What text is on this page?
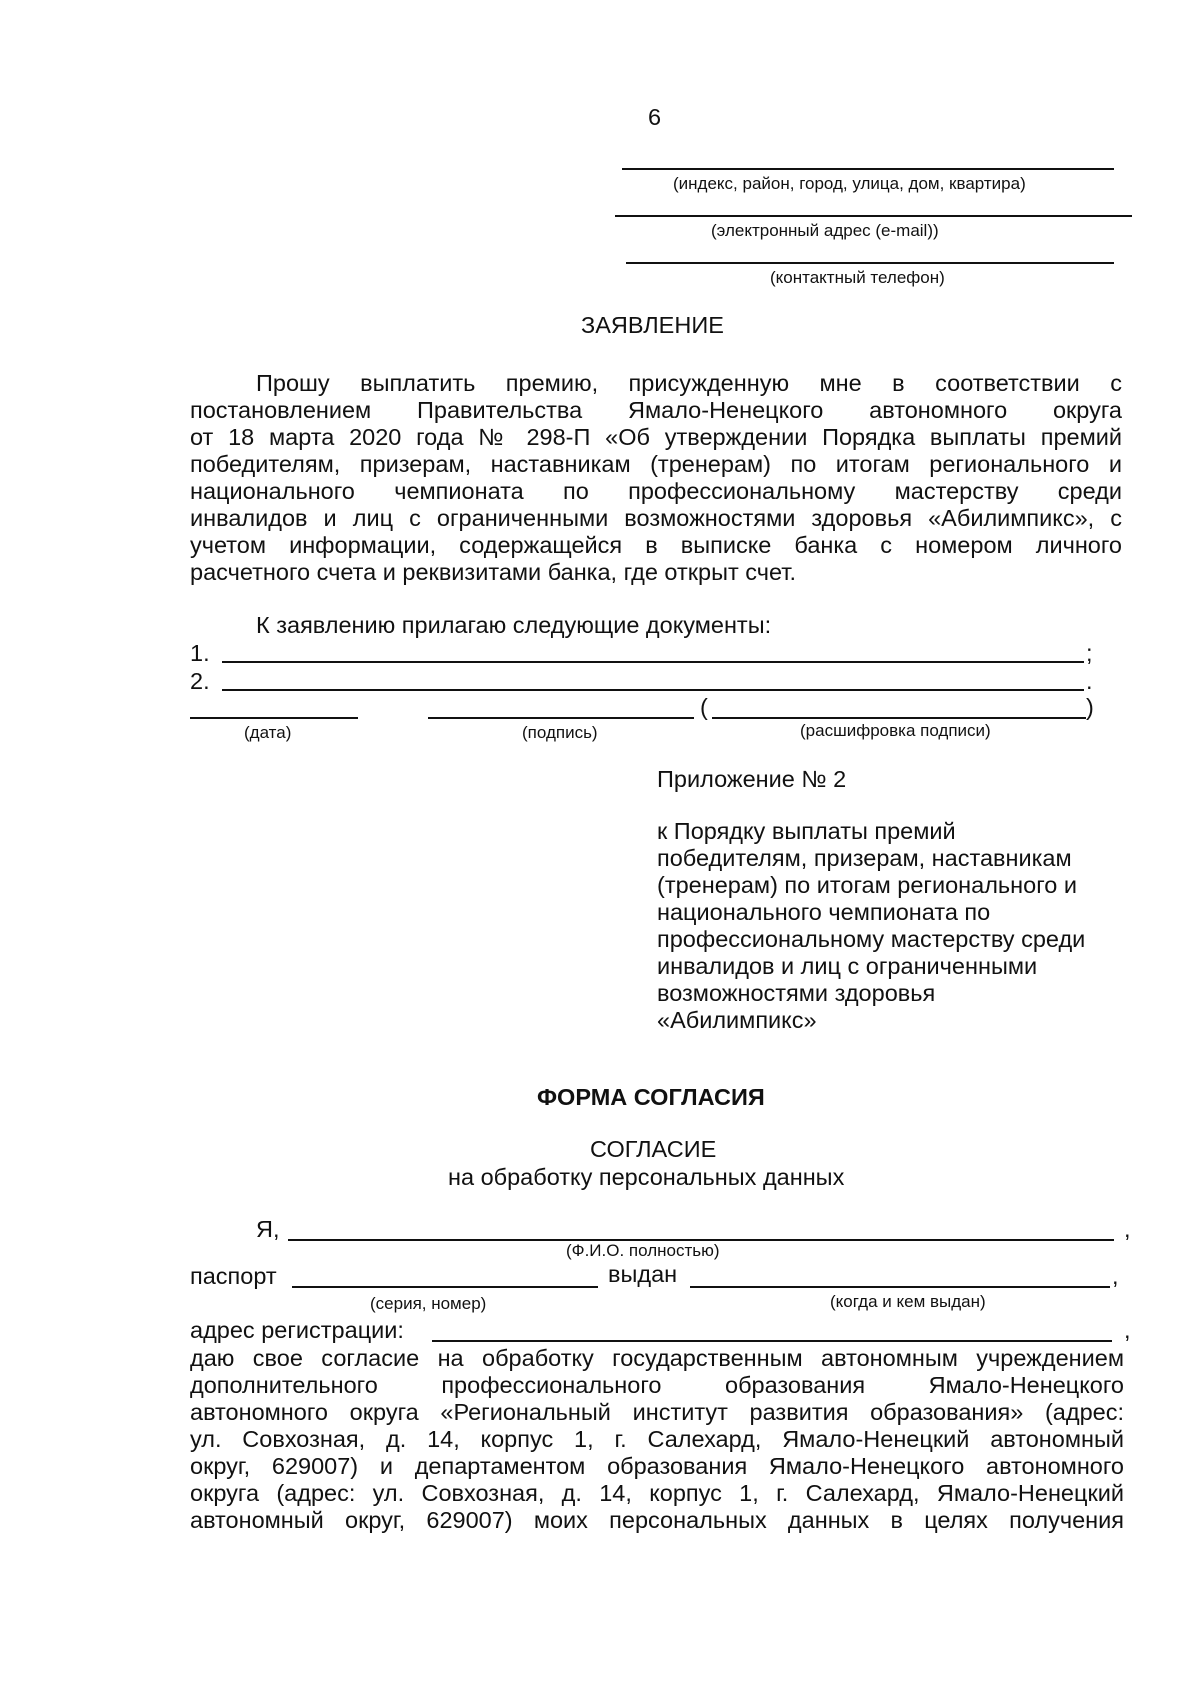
6
(индекс, район, город, улица, дом, квартира)
(электронный адрес (e-mail))
(контактный телефон)
ЗАЯВЛЕНИЕ
Прошу выплатить премию, присужденную мне в соответствии с
постановлением Правительства Ямало-Ненецкого автономного округа
от 18 марта 2020 года № 298-П «Об утверждении Порядка выплаты премий
победителям, призерам, наставникам (тренерам) по итогам регионального и
национального чемпионата по профессиональному мастерству среди
инвалидов и лиц с ограниченными возможностями здоровья «Абилимпикс», с
учетом информации, содержащейся в выписке банка с номером личного
расчетного счета и реквизитами банка, где открыт счет.
К заявлению прилагаю следующие документы:
1.	;
2.	.
(	)
(дата)	(подпись)	(расшифровка подписи)
Приложение № 2
к Порядку выплаты премий
победителям, призерам, наставникам
(тренерам) по итогам регионального и
национального чемпионата по
профессиональному мастерству среди
инвалидов и лиц с ограниченными
возможностями здоровья
«Абилимпикс»
ФОРМА СОГЛАСИЯ
СОГЛАСИЕ
на обработку персональных данных
Я,	,
(Ф.И.О. полностью)
паспорт	выдан	,
(серия, номер)	(когда и кем выдан)
адрес регистрации:	,
даю свое согласие на обработку государственным автономным учреждением
дополнительного профессионального образования Ямало-Ненецкого
автономного округа «Региональный институт развития образования» (адрес:
ул. Совхозная, д. 14, корпус 1, г. Салехард, Ямало-Ненецкий автономный
округ, 629007) и департаментом образования Ямало-Ненецкого автономного
округа (адрес: ул. Совхозная, д. 14, корпус 1, г. Салехард, Ямало-Ненецкий
автономный округ, 629007) моих персональных данных в целях получения
